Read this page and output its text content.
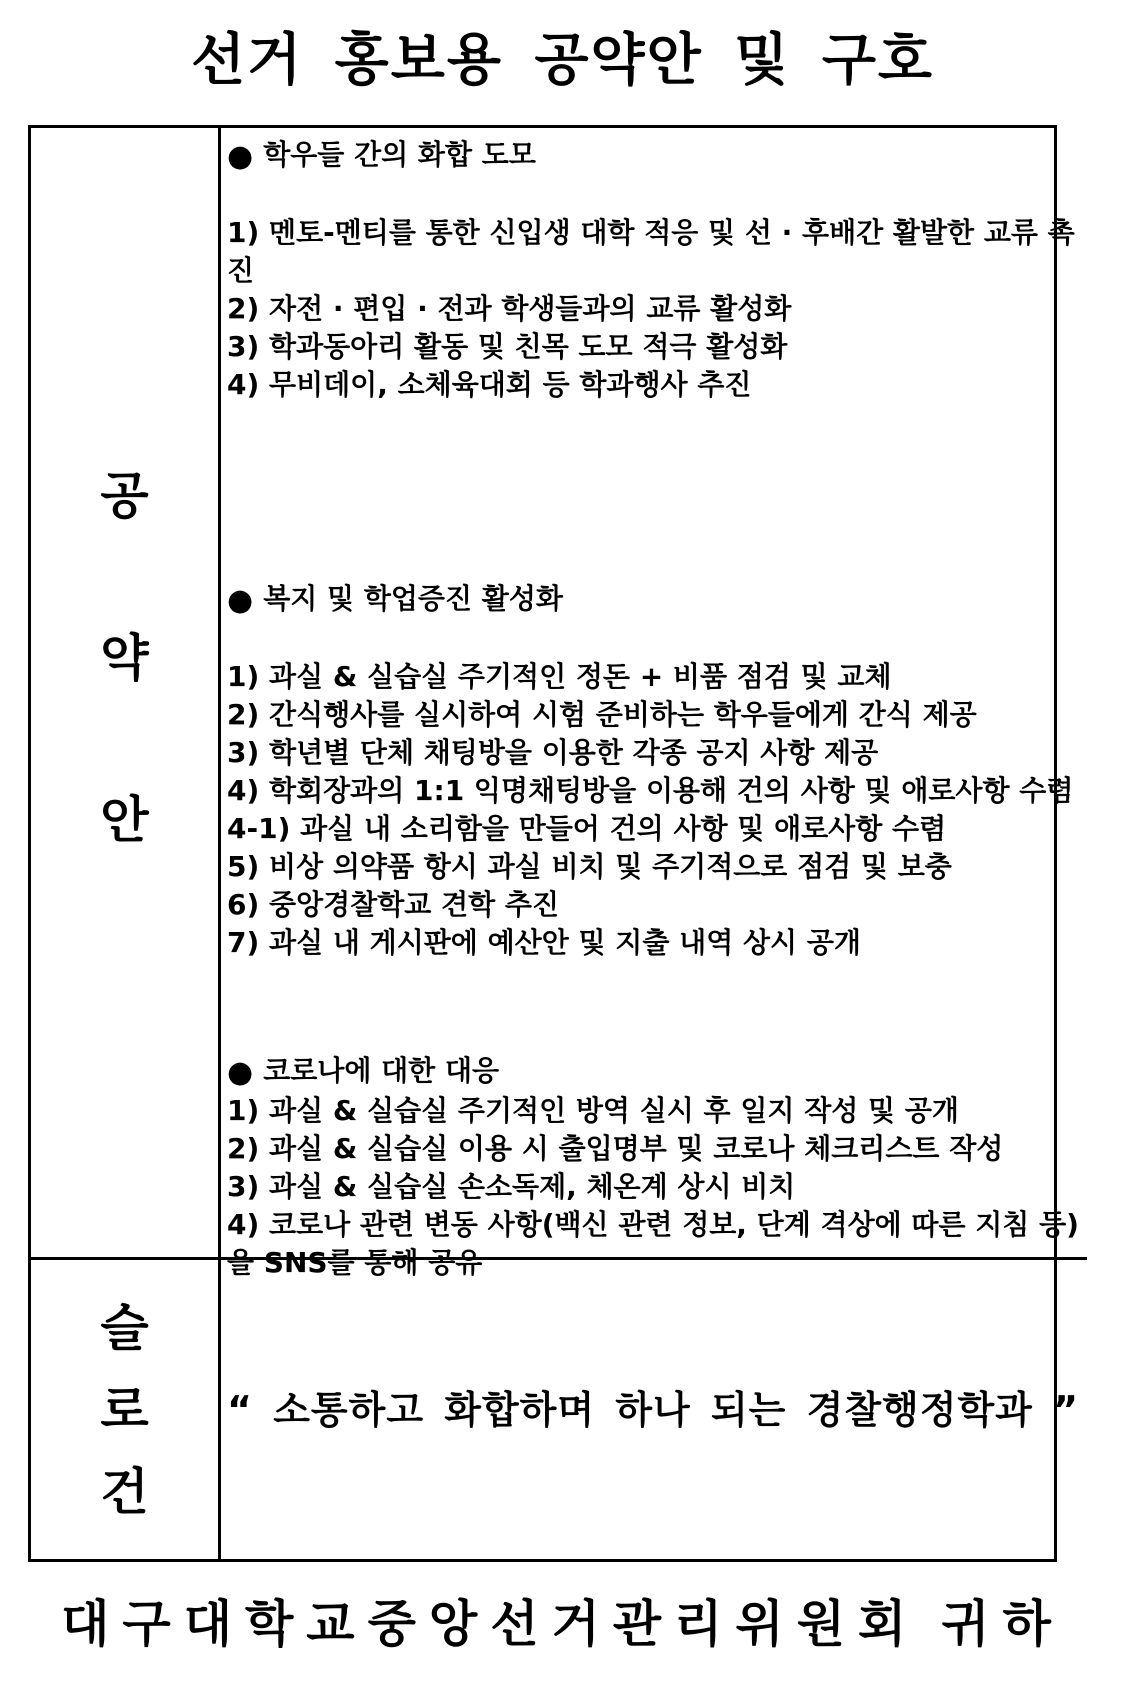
선거 홍보용 공약안 및 구호
공
약
안
● 학우들 간의 화합 도모
1) 멘토-멘티를 통한 신입생 대학 적응 및 선 · 후배간 활발한 교류 촉진
2) 자전 · 편입 · 전과 학생들과의 교류 활성화
3) 학과동아리 활동 및 친목 도모 적극 활성화
4) 무비데이, 소체육대회 등 학과행사 추진
● 복지 및 학업증진 활성화
1) 과실 & 실습실 주기적인 정돈 + 비품 점검 및 교체
2) 간식행사를 실시하여 시험 준비하는 학우들에게 간식 제공
3) 학년별 단체 채팅방을 이용한 각종 공지 사항 제공
4) 학회장과의 1:1 익명채팅방을 이용해 건의 사항 및 애로사항 수렴
4-1) 과실 내 소리함을 만들어 건의 사항 및 애로사항 수렴
5) 비상 의약품 항시 과실 비치 및 주기적으로 점검 및 보충
6) 중앙경찰학교 견학 추진
7) 과실 내 게시판에 예산안 및 지출 내역 상시 공개
● 코로나에 대한 대응
1) 과실 & 실습실 주기적인 방역 실시 후 일지 작성 및 공개
2) 과실 & 실습실 이용 시 출입명부 및 코로나 체크리스트 작성
3) 과실 & 실습실 손소독제, 체온계 상시 비치
4) 코로나 관련 변동 사항(백신 관련 정보, 단계 격상에 따른 지침 등)을 SNS를 통해 공유
슬
로
건
“ 소통하고 화합하며 하나 되는 경찰행정학과 ”
대구대학교중앙선거관리위원회 귀하
